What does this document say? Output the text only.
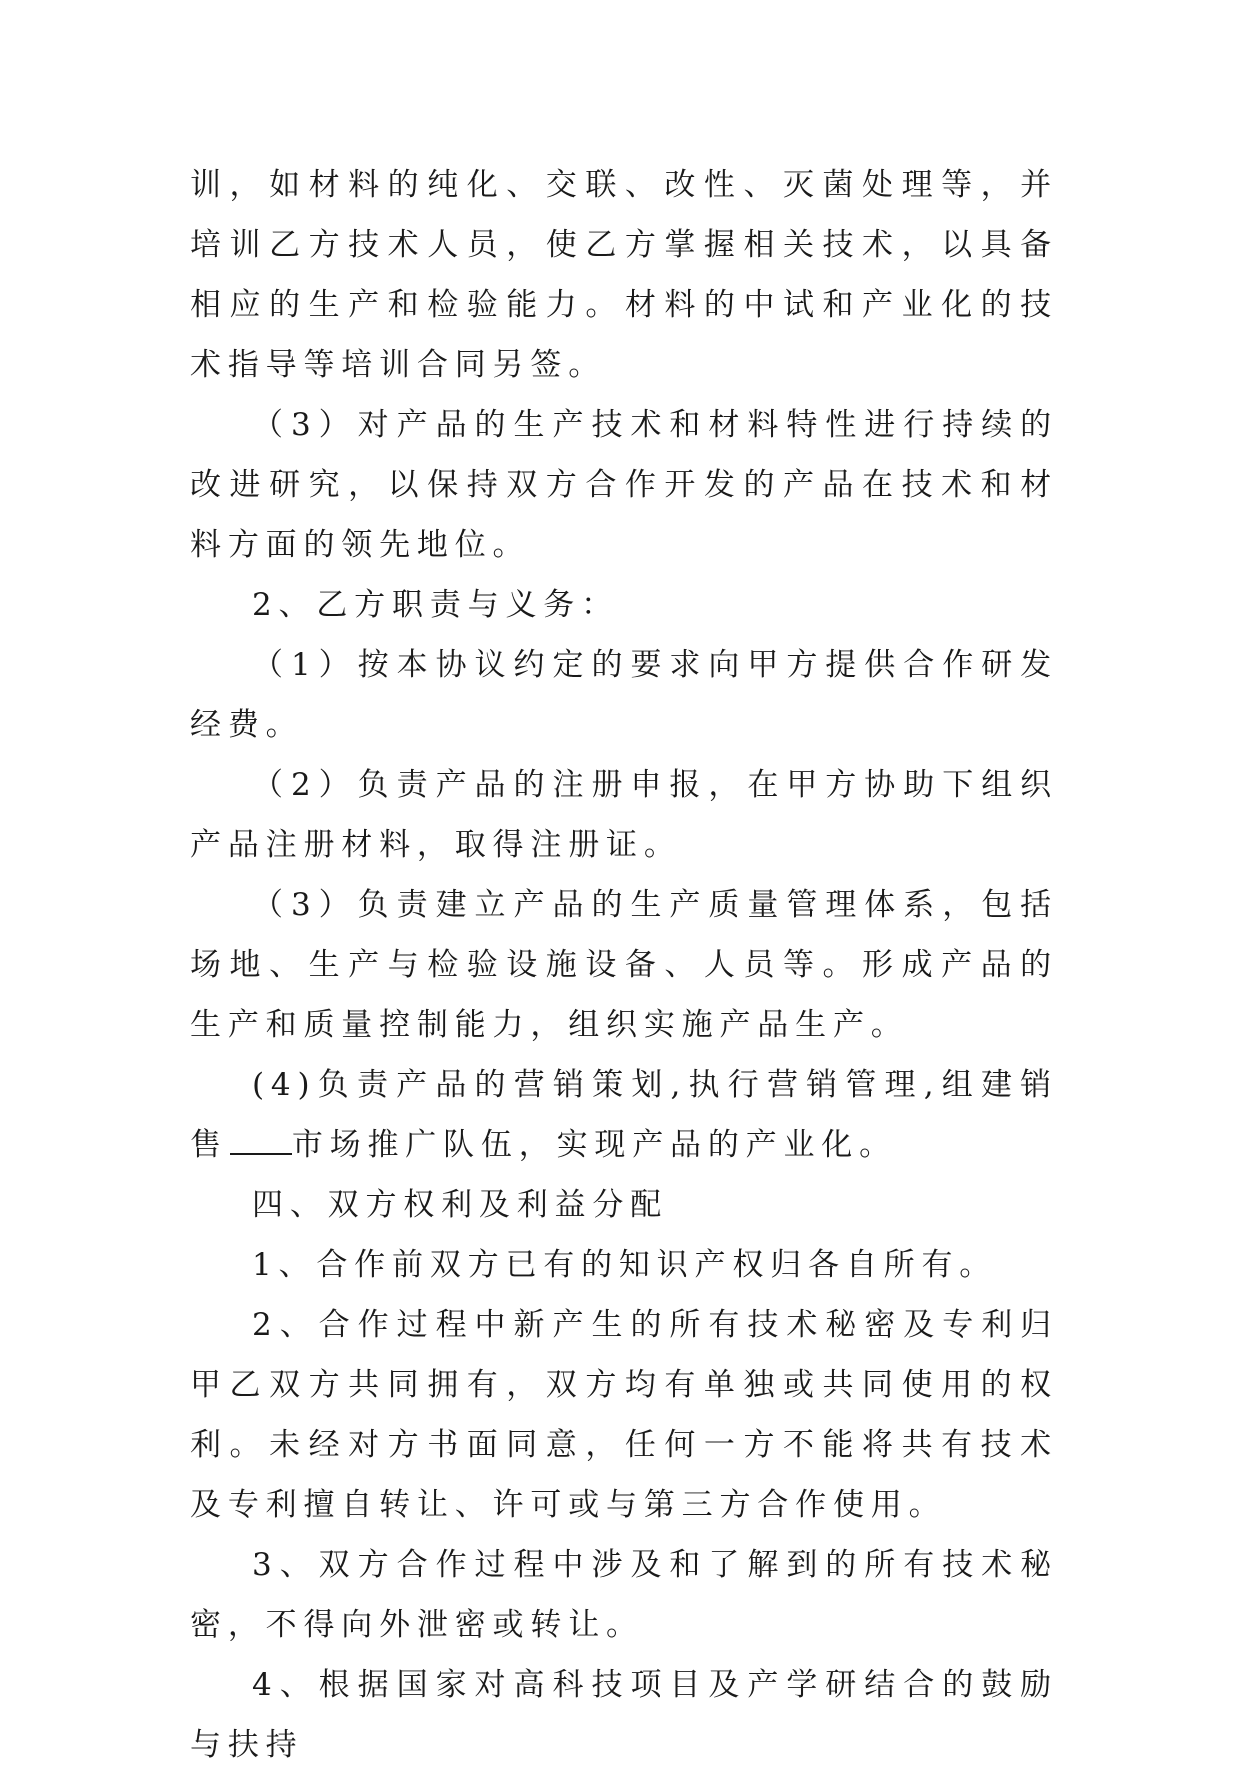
训，如材料的纯化、交联、改性、灭菌处理等，并培训乙方技术人员，使乙方掌握相关技术，以具备相应的生产和检验能力。材料的中试和产业化的技术指导等培训合同另签。

（3）对产品的生产技术和材料特性进行持续的改进研究，以保持双方合作开发的产品在技术和材料方面的领先地位。

2、乙方职责与义务：

（1）按本协议约定的要求向甲方提供合作研发经费。

（2）负责产品的注册申报，在甲方协助下组织产品注册材料，取得注册证。

（3）负责建立产品的生产质量管理体系，包括场地、生产与检验设施设备、人员等。形成产品的生产和质量控制能力，组织实施产品生产。

(4)负责产品的营销策划,执行营销管理,组建销售 市场推广队伍，实现产品的产业化。

四、双方权利及利益分配

1、合作前双方已有的知识产权归各自所有。

2、合作过程中新产生的所有技术秘密及专利归甲乙双方共同拥有，双方均有单独或共同使用的权利。未经对方书面同意，任何一方不能将共有技术及专利擅自转让、许可或与第三方合作使用。

3、双方合作过程中涉及和了解到的所有技术秘密，不得向外泄密或转让。

4、根据国家对高科技项目及产学研结合的鼓励与扶持
